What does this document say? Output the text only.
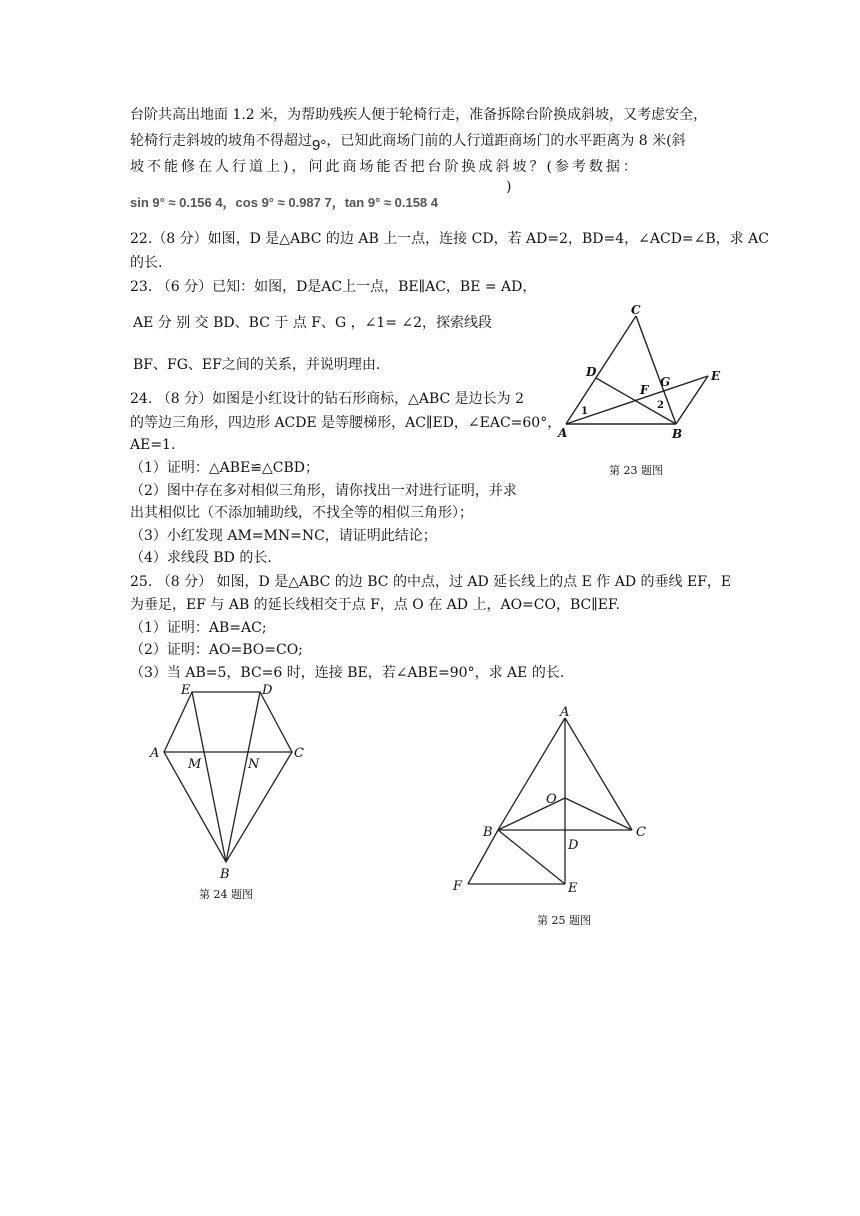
台阶共高出地面 1.2 米，为帮助残疾人便于轮椅行走，准备拆除台阶换成斜坡，又考虑安全，
轮椅行走斜坡的坡角不得超过9°，已知此商场门前的人行道距商场门的水平距离为 8 米(斜
坡不能修在人行道上)，问此商场能否把台阶换成斜坡？(参考数据：
)
sin 9° ≈ 0.156 4，cos 9° ≈ 0.987 7，tan 9° ≈ 0.158 4
22.（8 分）如图，D 是△ABC 的边 AB 上一点，连接 CD，若 AD=2，BD=4，∠ACD=∠B，求 AC
的长.
23. （6 分）已知：如图，D是AC上一点，BE∥AC，BE = AD，
AE 分 别 交 BD、BC 于 点 F、G ，∠1= ∠2，探索线段
BF、FG、EF之间的关系，并说明理由.
C
D
F
G	E
A	B
1
2
第 23 题图
24. （8 分）如图是小红设计的钻石形商标，△ABC 是边长为 2
的等边三角形，四边形 ACDE 是等腰梯形，AC∥ED，∠EAC=60°，
AE=1.
（1）证明：△ABE≌△CBD；
（2）图中存在多对相似三角形，请你找出一对进行证明，并求
出其相似比（不添加辅助线，不找全等的相似三角形）；
（3）小红发现 AM=MN=NC，请证明此结论；
（4）求线段 BD 的长.
25. （8 分） 如图，D 是△ABC 的边 BC 的中点，过 AD 延长线上的点 E 作 AD 的垂线 EF，E
为垂足，EF 与 AB 的延长线相交于点 F，点 O 在 AD 上，AO=CO，BC∥EF.
（1）证明：AB=AC;
（2）证明：AO=BO=CO;
（3）当 AB=5，BC=6 时，连接 BE，若∠ABE=90°，求 AE 的长.
E	D
A	C
M	N
B
第 24 题图
A
O
B	C
D
F	E
第 25 题图
